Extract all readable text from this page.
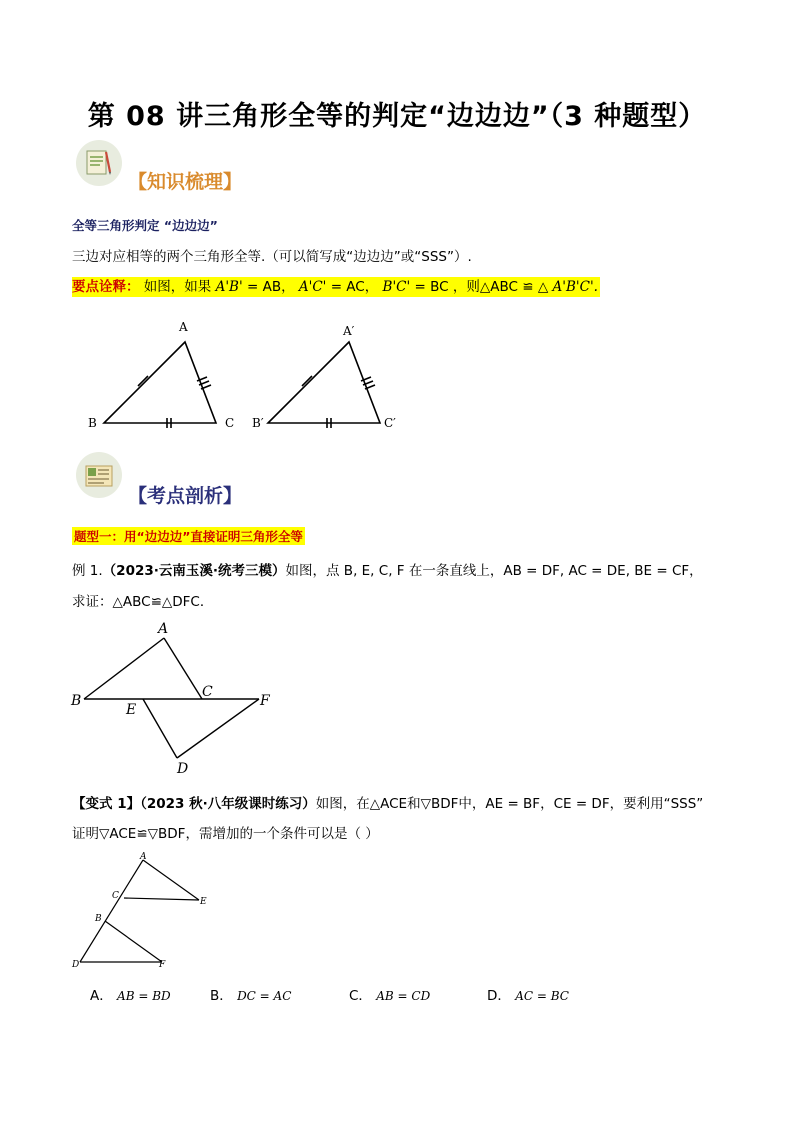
第 08 讲三角形全等的判定“边边边”（3 种题型）
【知识梳理】
全等三角形判定 “边边边”
三边对应相等的两个三角形全等.（可以简写成“边边边”或“SSS”）.
要点诠释： 如图，如果 A'B' = AB， A'C' = AC， B'C' = BC ，则△ABC ≌ △ A'B'C'.
A
B	C
A′
B′	C′
【考点剖析】
题型一：用“边边边”直接证明三角形全等
例 1.（2023·云南玉溪·统考三模）如图，点 B, E, C, F 在一条直线上，AB = DF, AC = DE, BE = CF，
求证：△ABC≌△DFC．
A
B
C
D
E
F
【变式 1】（2023 秋·八年级课时练习）如图，在△ACE和▽BDF中，AE = BF，CE = DF，要利用“SSS”
证明▽ACE≌▽BDF，需增加的一个条件可以是（ ）
A
B
C
D
E
F
A． AB = BD	B． DC = AC	C． AB = CD	D． AC = BC
